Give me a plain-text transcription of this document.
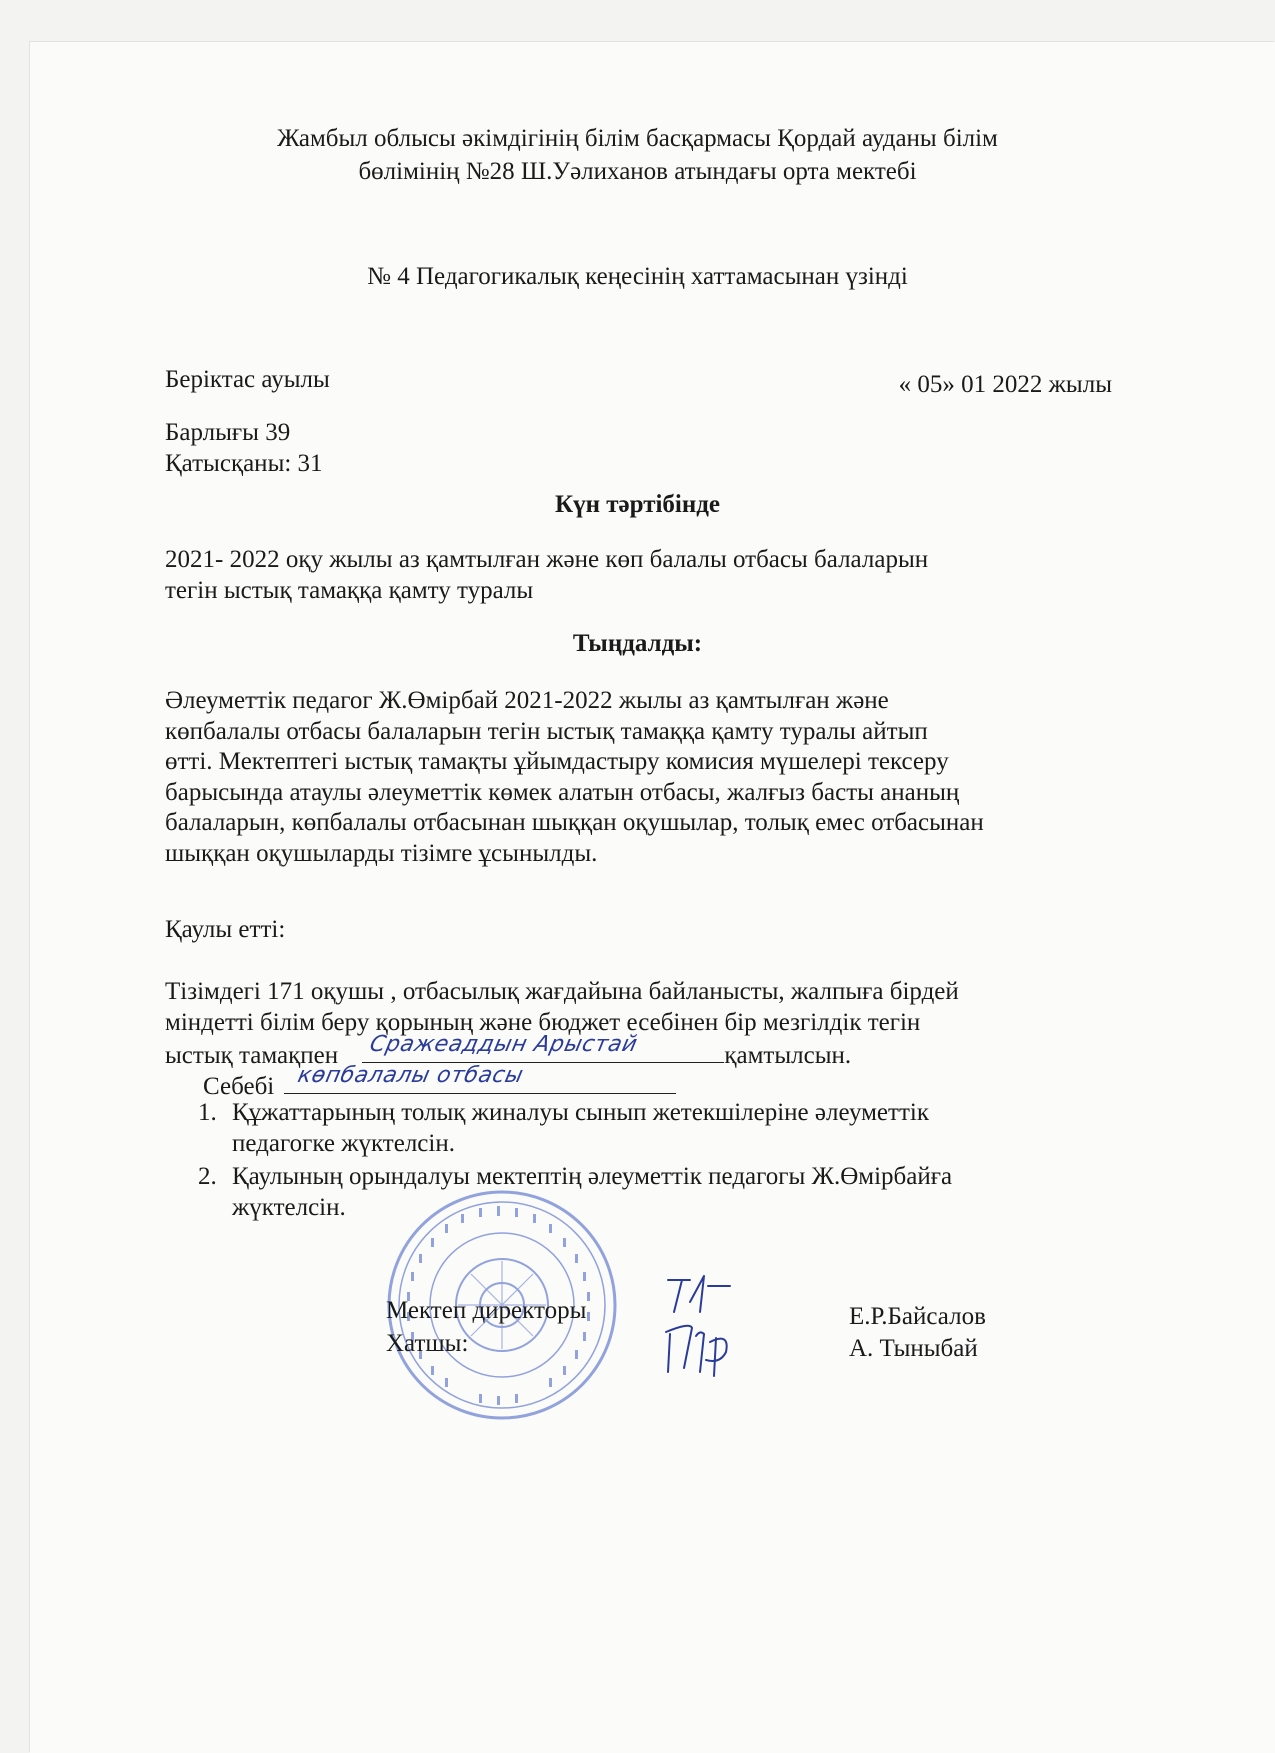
Жамбыл облысы әкімдігінің білім басқармасы Қордай ауданы білім
бөлімінің №28 Ш.Уәлиханов атындағы орта мектебі
№ 4 Педагогикалық кеңесінің хаттамасынан үзінді
Беріктас ауылы	« 05» 01 2022 жылы
Барлығы 39
Қатысқаны: 31
Күн тәртібінде
2021- 2022 оқу жылы аз қамтылған және көп балалы отбасы балаларын
тегін ыстық тамаққа қамту туралы
Тыңдалды:
Әлеуметтік педагог Ж.Өмірбай 2021-2022 жылы аз қамтылған және
көпбалалы отбасы балаларын тегін ыстық тамаққа қамту туралы айтып
өтті. Мектептегі ыстық тамақты ұйымдастыру комисия мүшелері тексеру
барысында атаулы әлеуметтік көмек алатын отбасы, жалғыз басты ананың
балаларын, көпбалалы отбасынан шыққан оқушылар, толық емес отбасынан
шыққан оқушыларды тізімге ұсынылды.
Қаулы етті:
Тізімдегі 171 оқушы , отбасылық жағдайына байланысты, жалпыға бірдей
міндетті білім беру қорының және бюджет есебінен бір мезгілдік тегін
ыстық тамақпен Сражеаддын Арыстай	қамтылсын.
Себебі көпбалалы отбасы
1. Құжаттарының толық жиналуы сынып жетекшілеріне әлеуметтік
педагогке жүктелсін.
2. Қаулының орындалуы мектептің әлеуметтік педагогы Ж.Өмірбайға
жүктелсін.
Мектеп директоры
Хатшы:
Е.Р.Байсалов
А. Тыныбай
